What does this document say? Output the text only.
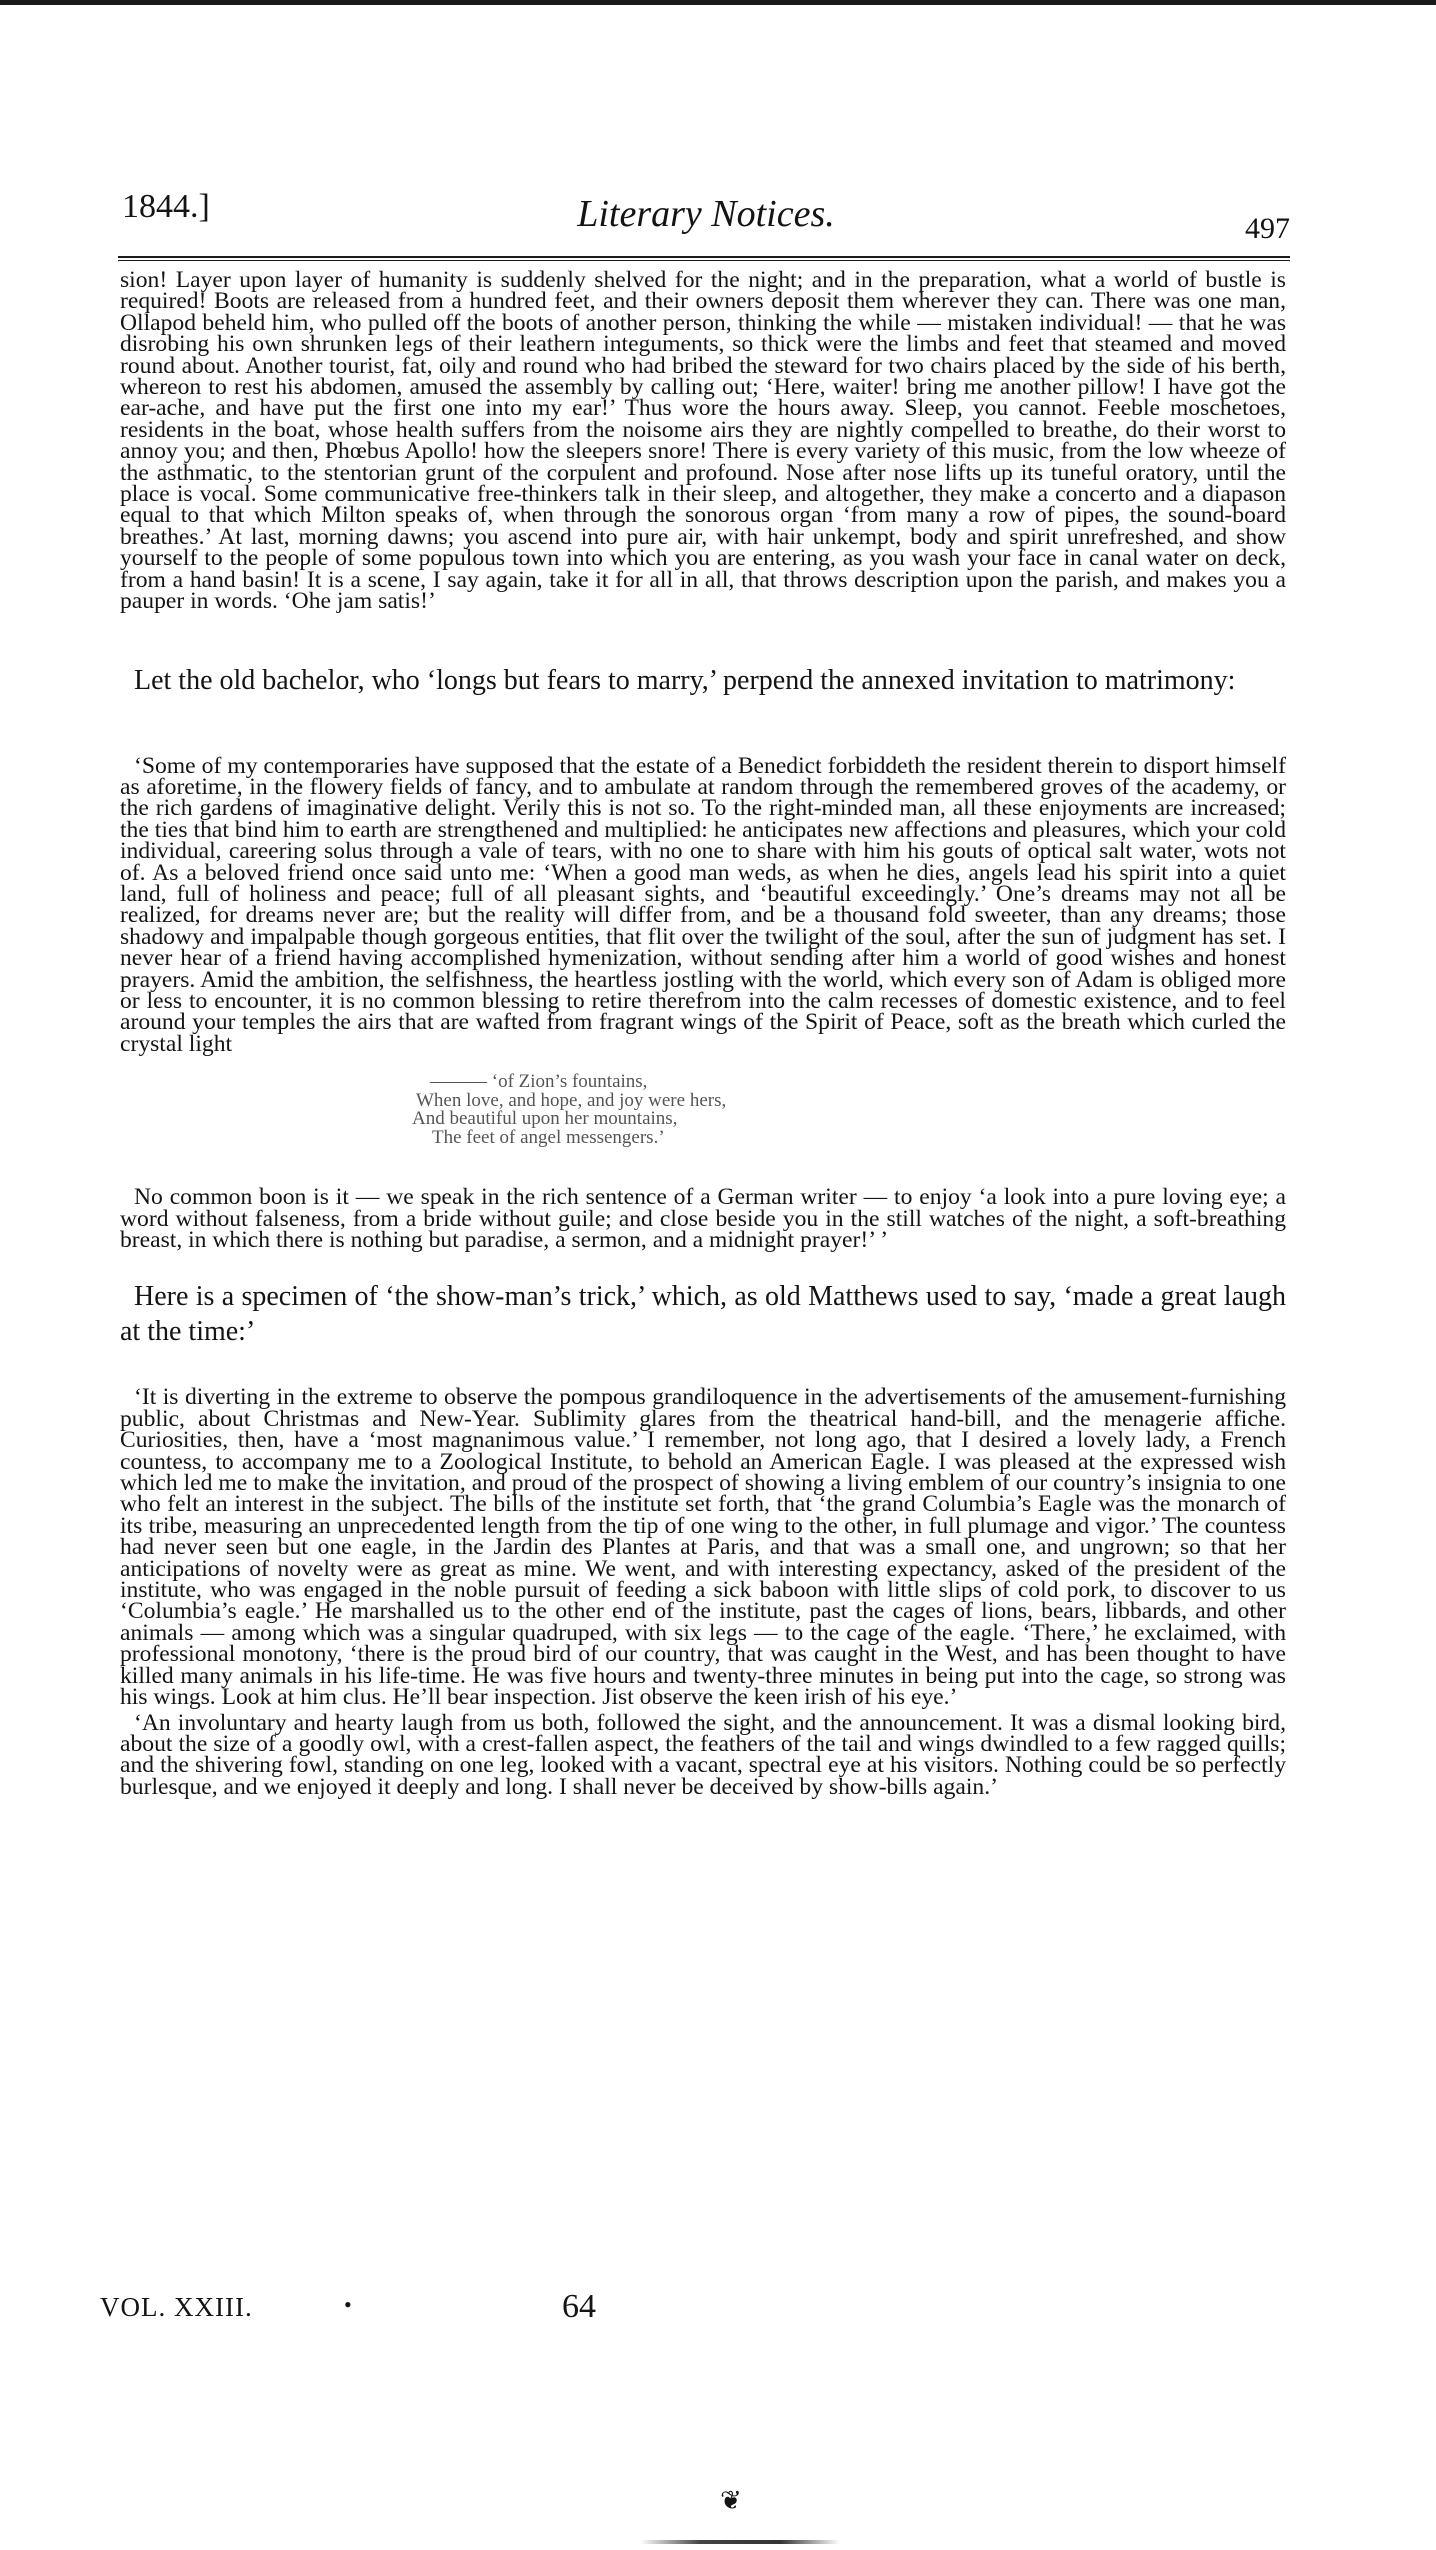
1844.]	Literary Notices.	497

sion! Layer upon layer of humanity is suddenly shelved for the night; and in the preparation, what a world of bustle is required! Boots are released from a hundred feet, and their owners deposit them wherever they can. There was one man, Ollapod beheld him, who pulled off the boots of another person, thinking the while — mistaken individual! — that he was disrobing his own shrunken legs of their leathern integuments, so thick were the limbs and feet that steamed and moved round about. Another tourist, fat, oily and round who had bribed the steward for two chairs placed by the side of his berth, whereon to rest his abdomen, amused the assembly by calling out; ‘Here, waiter! bring me another pillow! I have got the ear-ache, and have put the first one into my ear!’ Thus wore the hours away. Sleep, you cannot. Feeble moschetoes, residents in the boat, whose health suffers from the noisome airs they are nightly compelled to breathe, do their worst to annoy you; and then, Phœbus Apollo! how the sleepers snore! There is every variety of this music, from the low wheeze of the asthmatic, to the stentorian grunt of the corpulent and profound. Nose after nose lifts up its tuneful oratory, until the place is vocal. Some communicative free-thinkers talk in their sleep, and altogether, they make a concerto and a diapason equal to that which Milton speaks of, when through the sonorous organ ‘from many a row of pipes, the sound-board breathes.’ At last, morning dawns; you ascend into pure air, with hair unkempt, body and spirit unrefreshed, and show yourself to the people of some populous town into which you are entering, as you wash your face in canal water on deck, from a hand basin! It is a scene, I say again, take it for all in all, that throws description upon the parish, and makes you a pauper in words. ‘Ohe jam satis!’

Let the old bachelor, who ‘longs but fears to marry,’ perpend the annexed invitation to matrimony:

‘Some of my contemporaries have supposed that the estate of a Benedict forbiddeth the resident therein to disport himself as aforetime, in the flowery fields of fancy, and to ambulate at random through the remembered groves of the academy, or the rich gardens of imaginative delight. Verily this is not so. To the right-minded man, all these enjoyments are increased; the ties that bind him to earth are strengthened and multiplied: he anticipates new affections and pleasures, which your cold individual, careering solus through a vale of tears, with no one to share with him his gouts of optical salt water, wots not of. As a beloved friend once said unto me: ‘When a good man weds, as when he dies, angels lead his spirit into a quiet land, full of holiness and peace; full of all pleasant sights, and ‘beautiful exceedingly.’ One’s dreams may not all be realized, for dreams never are; but the reality will differ from, and be a thousand fold sweeter, than any dreams; those shadowy and impalpable though gorgeous entities, that flit over the twilight of the soul, after the sun of judgment has set. I never hear of a friend having accomplished hymenization, without sending after him a world of good wishes and honest prayers. Amid the ambition, the selfishness, the heartless jostling with the world, which every son of Adam is obliged more or less to encounter, it is no common blessing to retire therefrom into the calm recesses of domestic existence, and to feel around your temples the airs that are wafted from fragrant wings of the Spirit of Peace, soft as the breath which curled the crystal light

——— ‘of Zion’s fountains,
When love, and hope, and joy were hers,
And beautiful upon her mountains,
The feet of angel messengers.’

No common boon is it — we speak in the rich sentence of a German writer — to enjoy ‘a look into a pure loving eye; a word without falseness, from a bride without guile; and close beside you in the still watches of the night, a soft-breathing breast, in which there is nothing but paradise, a sermon, and a midnight prayer!’ ’

Here is a specimen of ‘the show-man’s trick,’ which, as old Matthews used to say, ‘made a great laugh at the time:’

‘It is diverting in the extreme to observe the pompous grandiloquence in the advertisements of the amusement-furnishing public, about Christmas and New-Year. Sublimity glares from the theatrical hand-bill, and the menagerie affiche. Curiosities, then, have a ‘most magnanimous value.’ I remember, not long ago, that I desired a lovely lady, a French countess, to accompany me to a Zoological Institute, to behold an American Eagle. I was pleased at the expressed wish which led me to make the invitation, and proud of the prospect of showing a living emblem of our country’s insignia to one who felt an interest in the subject. The bills of the institute set forth, that ‘the grand Columbia’s Eagle was the monarch of its tribe, measuring an unprecedented length from the tip of one wing to the other, in full plumage and vigor.’ The countess had never seen but one eagle, in the Jardin des Plantes at Paris, and that was a small one, and ungrown; so that her anticipations of novelty were as great as mine. We went, and with interesting expectancy, asked of the president of the institute, who was engaged in the noble pursuit of feeding a sick baboon with little slips of cold pork, to discover to us ‘Columbia’s eagle.’ He marshalled us to the other end of the institute, past the cages of lions, bears, libbards, and other animals — among which was a singular quadruped, with six legs — to the cage of the eagle. ‘There,’ he exclaimed, with professional monotony, ‘there is the proud bird of our country, that was caught in the West, and has been thought to have killed many animals in his life-time. He was five hours and twenty-three minutes in being put into the cage, so strong was his wings. Look at him clus. He’ll bear inspection. Jist observe the keen irish of his eye.’

‘An involuntary and hearty laugh from us both, followed the sight, and the announcement. It was a dismal looking bird, about the size of a goodly owl, with a crest-fallen aspect, the feathers of the tail and wings dwindled to a few ragged quills; and the shivering fowl, standing on one leg, looked with a vacant, spectral eye at his visitors. Nothing could be so perfectly burlesque, and we enjoyed it deeply and long. I shall never be deceived by show-bills again.’

VOL. XXIII.	•	64
❦
